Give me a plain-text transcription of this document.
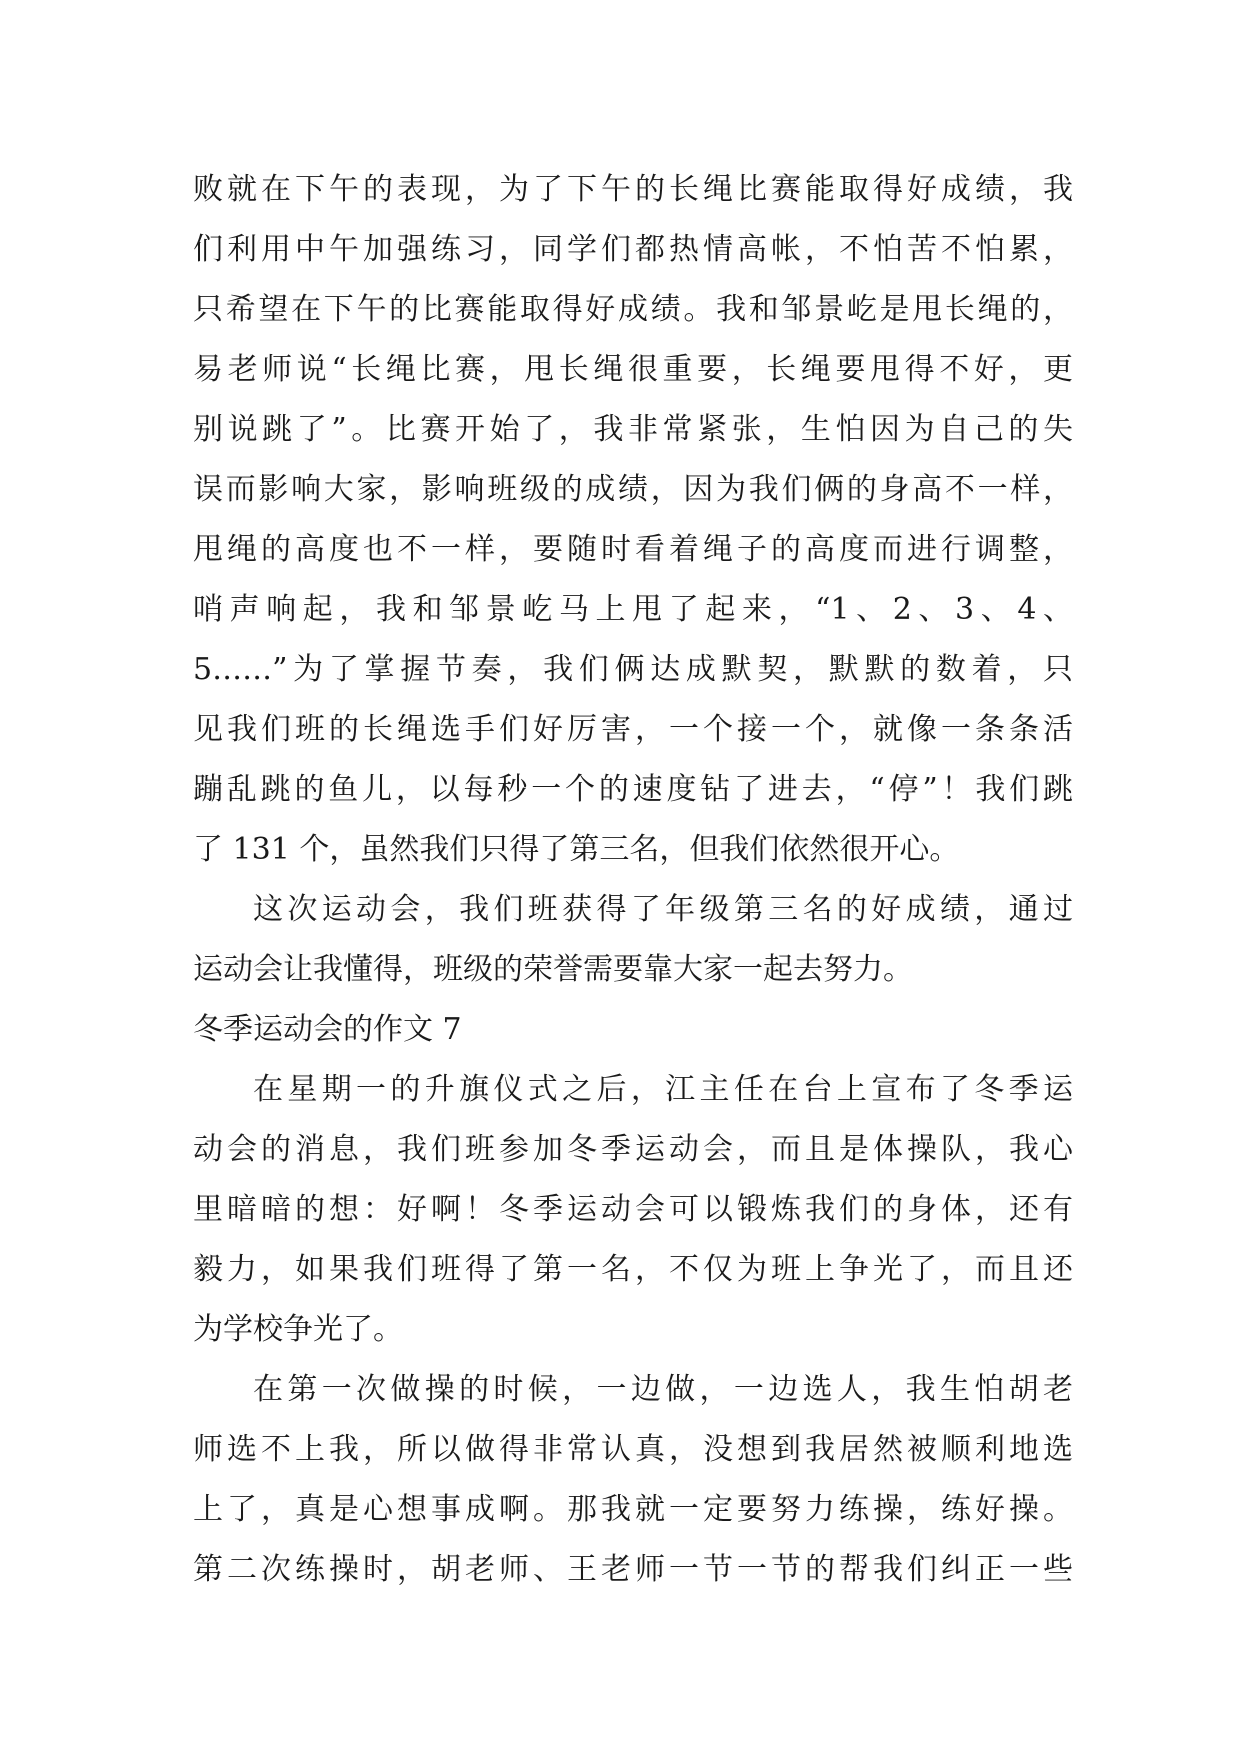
败就在下午的表现，为了下午的长绳比赛能取得好成绩，我
们利用中午加强练习，同学们都热情高帐，不怕苦不怕累，
只希望在下午的比赛能取得好成绩。我和邹景屹是甩长绳的，
易老师说“长绳比赛，甩长绳很重要，长绳要甩得不好，更
别说跳了”。比赛开始了，我非常紧张，生怕因为自己的失
误而影响大家，影响班级的成绩，因为我们俩的身高不一样，
甩绳的高度也不一样，要随时看着绳子的高度而进行调整，
哨声响起，我和邹景屹马上甩了起来，“1、2、3、4、
5……”为了掌握节奏，我们俩达成默契，默默的数着，只
见我们班的长绳选手们好厉害，一个接一个，就像一条条活
蹦乱跳的鱼儿，以每秒一个的速度钻了进去，“停”！我们跳
了 131 个，虽然我们只得了第三名，但我们依然很开心。
这次运动会，我们班获得了年级第三名的好成绩，通过
运动会让我懂得，班级的荣誉需要靠大家一起去努力。
冬季运动会的作文 7
在星期一的升旗仪式之后，江主任在台上宣布了冬季运
动会的消息，我们班参加冬季运动会，而且是体操队，我心
里暗暗的想：好啊！冬季运动会可以锻炼我们的身体，还有
毅力，如果我们班得了第一名，不仅为班上争光了，而且还
为学校争光了。
在第一次做操的时候，一边做，一边选人，我生怕胡老
师选不上我，所以做得非常认真，没想到我居然被顺利地选
上了，真是心想事成啊。那我就一定要努力练操，练好操。
第二次练操时，胡老师、王老师一节一节的帮我们纠正一些
